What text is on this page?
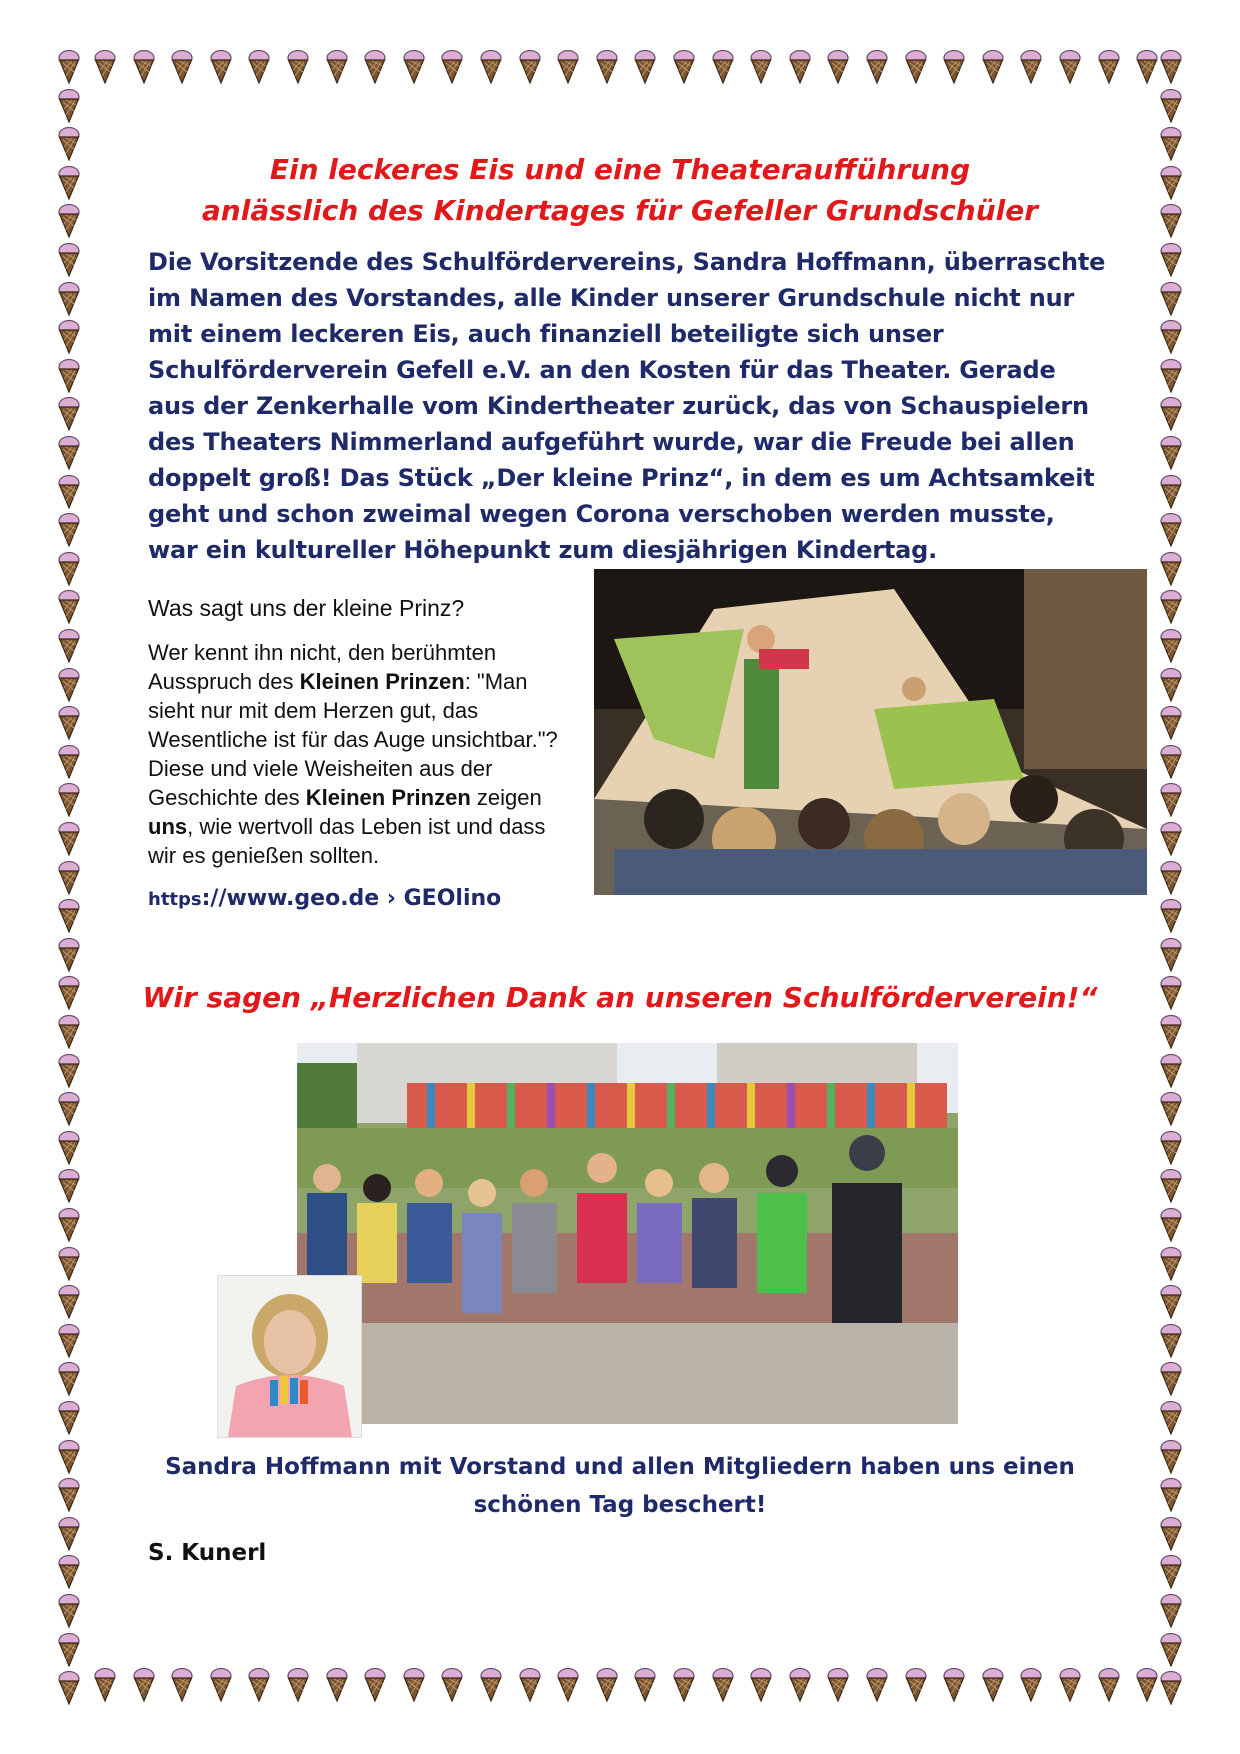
Ein leckeres Eis und eine Theateraufführung
anlässlich des Kindertages für Gefeller Grundschüler

Die Vorsitzende des Schulfördervereins, Sandra Hoffmann, überraschte im Namen des Vorstandes, alle Kinder unserer Grundschule nicht nur mit einem leckeren Eis, auch finanziell beteiligte sich unser Schulförderverein Gefell e.V. an den Kosten für das Theater. Gerade aus der Zenkerhalle vom Kindertheater zurück, das von Schauspielern des Theaters Nimmerland aufgeführt wurde, war die Freude bei allen doppelt groß! Das Stück „Der kleine Prinz“, in dem es um Achtsamkeit geht und schon zweimal wegen Corona verschoben werden musste, war ein kultureller Höhepunkt zum diesjährigen Kindertag.

Was sagt uns der kleine Prinz?

Wer kennt ihn nicht, den berühmten Ausspruch des Kleinen Prinzen: "Man sieht nur mit dem Herzen gut, das Wesentliche ist für das Auge unsichtbar."? Diese und viele Weisheiten aus der Geschichte des Kleinen Prinzen zeigen uns, wie wertvoll das Leben ist und dass wir es genießen sollten.

https://www.geo.de › GEOlino
Wir sagen „Herzlichen Dank an unseren Schulförderverein!“
Sandra Hoffmann mit Vorstand und allen Mitgliedern haben uns einen
schönen Tag beschert!

S. Kunerl
